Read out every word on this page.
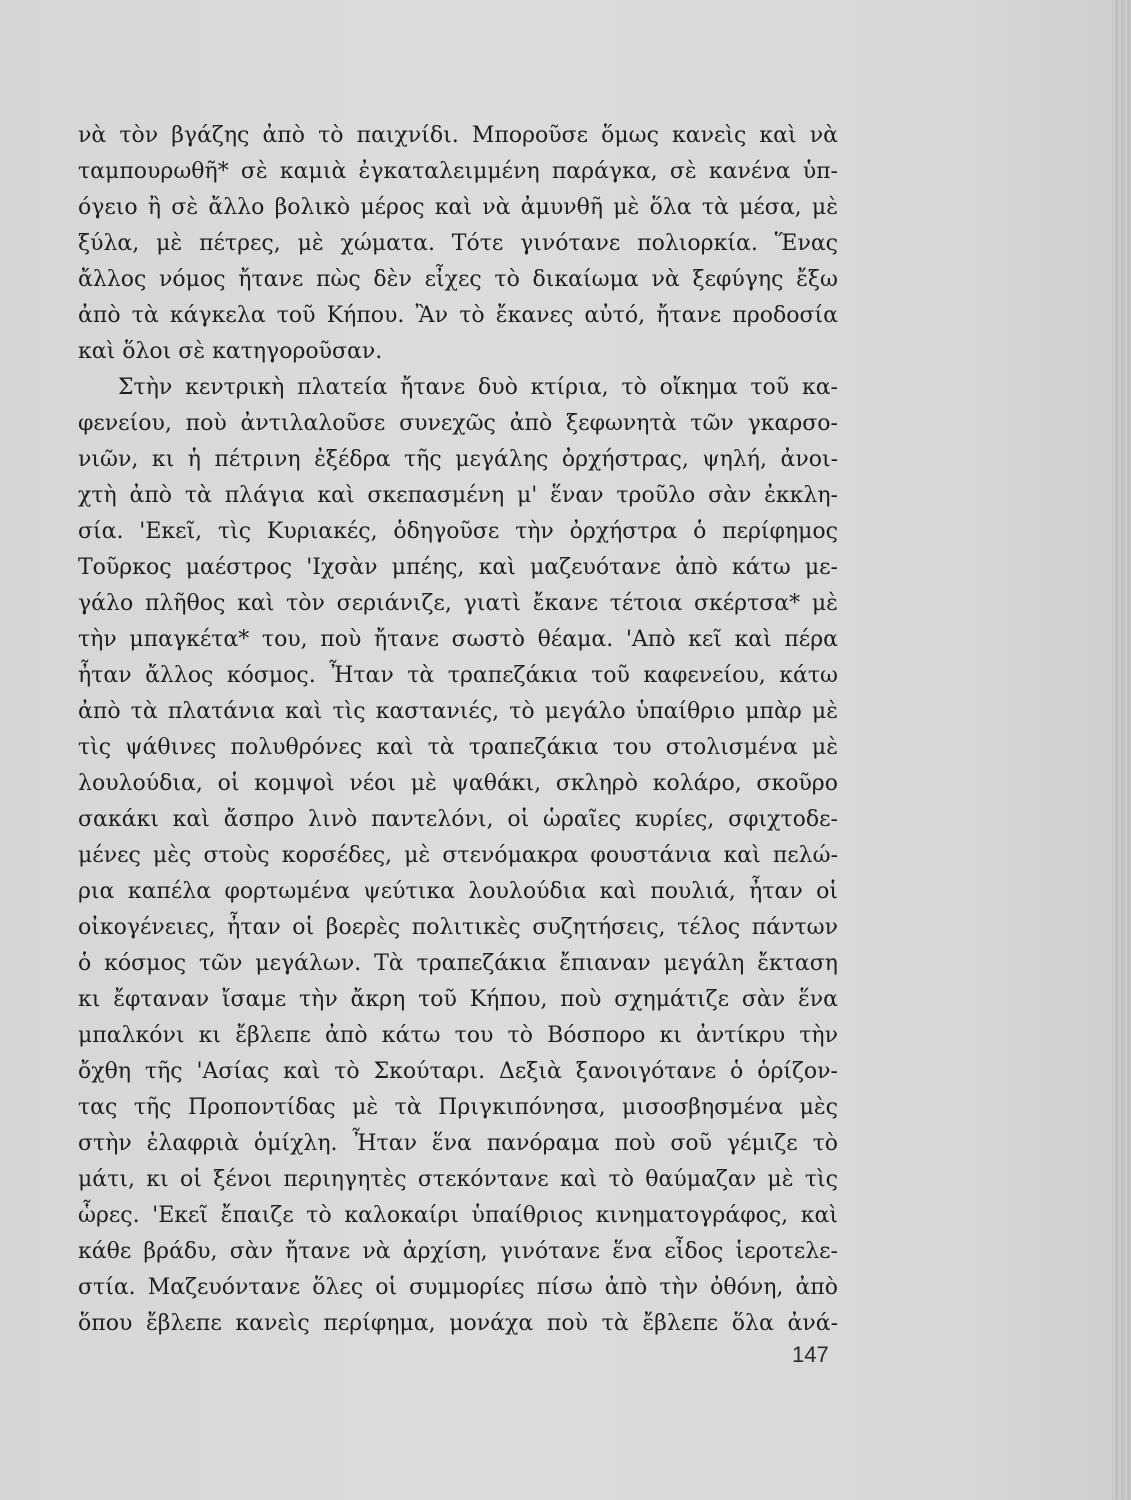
νὰ τὸν βγάζης ἀπὸ τὸ παιχνίδι. Μποροῦσε ὅμως κανεὶς καὶ νὰ
ταμπουρωθῆ* σὲ καμιὰ ἐγκαταλειμμένη παράγκα, σὲ κανένα ὑπ-
όγειο ἢ σὲ ἄλλο βολικὸ μέρος καὶ νὰ ἀμυνθῆ μὲ ὅλα τὰ μέσα, μὲ
ξύλα, μὲ πέτρες, μὲ χώματα. Τότε γινότανε πολιορκία. Ἕνας
ἄλλος νόμος ἤτανε πὼς δὲν εἶχες τὸ δικαίωμα νὰ ξεφύγης ἔξω
ἀπὸ τὰ κάγκελα τοῦ Κήπου. Ἂν τὸ ἔκανες αὐτό, ἤτανε προδοσία
καὶ ὅλοι σὲ κατηγοροῦσαν.
Στὴν κεντρικὴ πλατεία ἤτανε δυὸ κτίρια, τὸ οἴκημα τοῦ κα-
φενείου, ποὺ ἀντιλαλοῦσε συνεχῶς ἀπὸ ξεφωνητὰ τῶν γκαρσο-
νιῶν, κι ἡ πέτρινη ἐξέδρα τῆς μεγάλης ὀρχήστρας, ψηλή, ἀνοι-
χτὴ ἀπὸ τὰ πλάγια καὶ σκεπασμένη μ' ἕναν τροῦλο σὰν ἐκκλη-
σία. 'Εκεῖ, τὶς Κυριακές, ὁδηγοῦσε τὴν ὀρχήστρα ὁ περίφημος
Τοῦρκος μαέστρος 'Ιχσὰν μπέης, καὶ μαζευότανε ἀπὸ κάτω με-
γάλο πλῆθος καὶ τὸν σεριάνιζε, γιατὶ ἔκανε τέτοια σκέρτσα* μὲ
τὴν μπαγκέτα* του, ποὺ ἤτανε σωστὸ θέαμα. 'Απὸ κεῖ καὶ πέρα
ἦταν ἄλλος κόσμος. Ἦταν τὰ τραπεζάκια τοῦ καφενείου, κάτω
ἀπὸ τὰ πλατάνια καὶ τὶς καστανιές, τὸ μεγάλο ὑπαίθριο μπὰρ μὲ
τὶς ψάθινες πολυθρόνες καὶ τὰ τραπεζάκια του στολισμένα μὲ
λουλούδια, οἱ κομψοὶ νέοι μὲ ψαθάκι, σκληρὸ κολάρο, σκοῦρο
σακάκι καὶ ἄσπρο λινὸ παντελόνι, οἱ ὡραῖες κυρίες, σφιχτοδε-
μένες μὲς στοὺς κορσέδες, μὲ στενόμακρα φουστάνια καὶ πελώ-
ρια καπέλα φορτωμένα ψεύτικα λουλούδια καὶ πουλιά, ἦταν οἱ
οἰκογένειες, ἦταν οἱ βοερὲς πολιτικὲς συζητήσεις, τέλος πάντων
ὁ κόσμος τῶν μεγάλων. Τὰ τραπεζάκια ἔπιαναν μεγάλη ἔκταση
κι ἔφταναν ἴσαμε τὴν ἄκρη τοῦ Κήπου, ποὺ σχημάτιζε σὰν ἕνα
μπαλκόνι κι ἔβλεπε ἀπὸ κάτω του τὸ Βόσπορο κι ἀντίκρυ τὴν
ὄχθη τῆς 'Ασίας καὶ τὸ Σκούταρι. Δεξιὰ ξανοιγότανε ὁ ὁρίζον-
τας τῆς Προποντίδας μὲ τὰ Πριγκιπόνησα, μισοσβησμένα μὲς
στὴν ἐλαφριὰ ὁμίχλη. Ἦταν ἕνα πανόραμα ποὺ σοῦ γέμιζε τὸ
μάτι, κι οἱ ξένοι περιηγητὲς στεκόντανε καὶ τὸ θαύμαζαν μὲ τὶς
ὧρες. 'Εκεῖ ἔπαιζε τὸ καλοκαίρι ὑπαίθριος κινηματογράφος, καὶ
κάθε βράδυ, σὰν ἤτανε νὰ ἀρχίση, γινότανε ἕνα εἶδος ἱεροτελε-
στία. Μαζευόντανε ὅλες οἱ συμμορίες πίσω ἀπὸ τὴν ὀθόνη, ἀπὸ
ὅπου ἔβλεπε κανεὶς περίφημα, μονάχα ποὺ τὰ ἔβλεπε ὅλα ἀνά-
147
